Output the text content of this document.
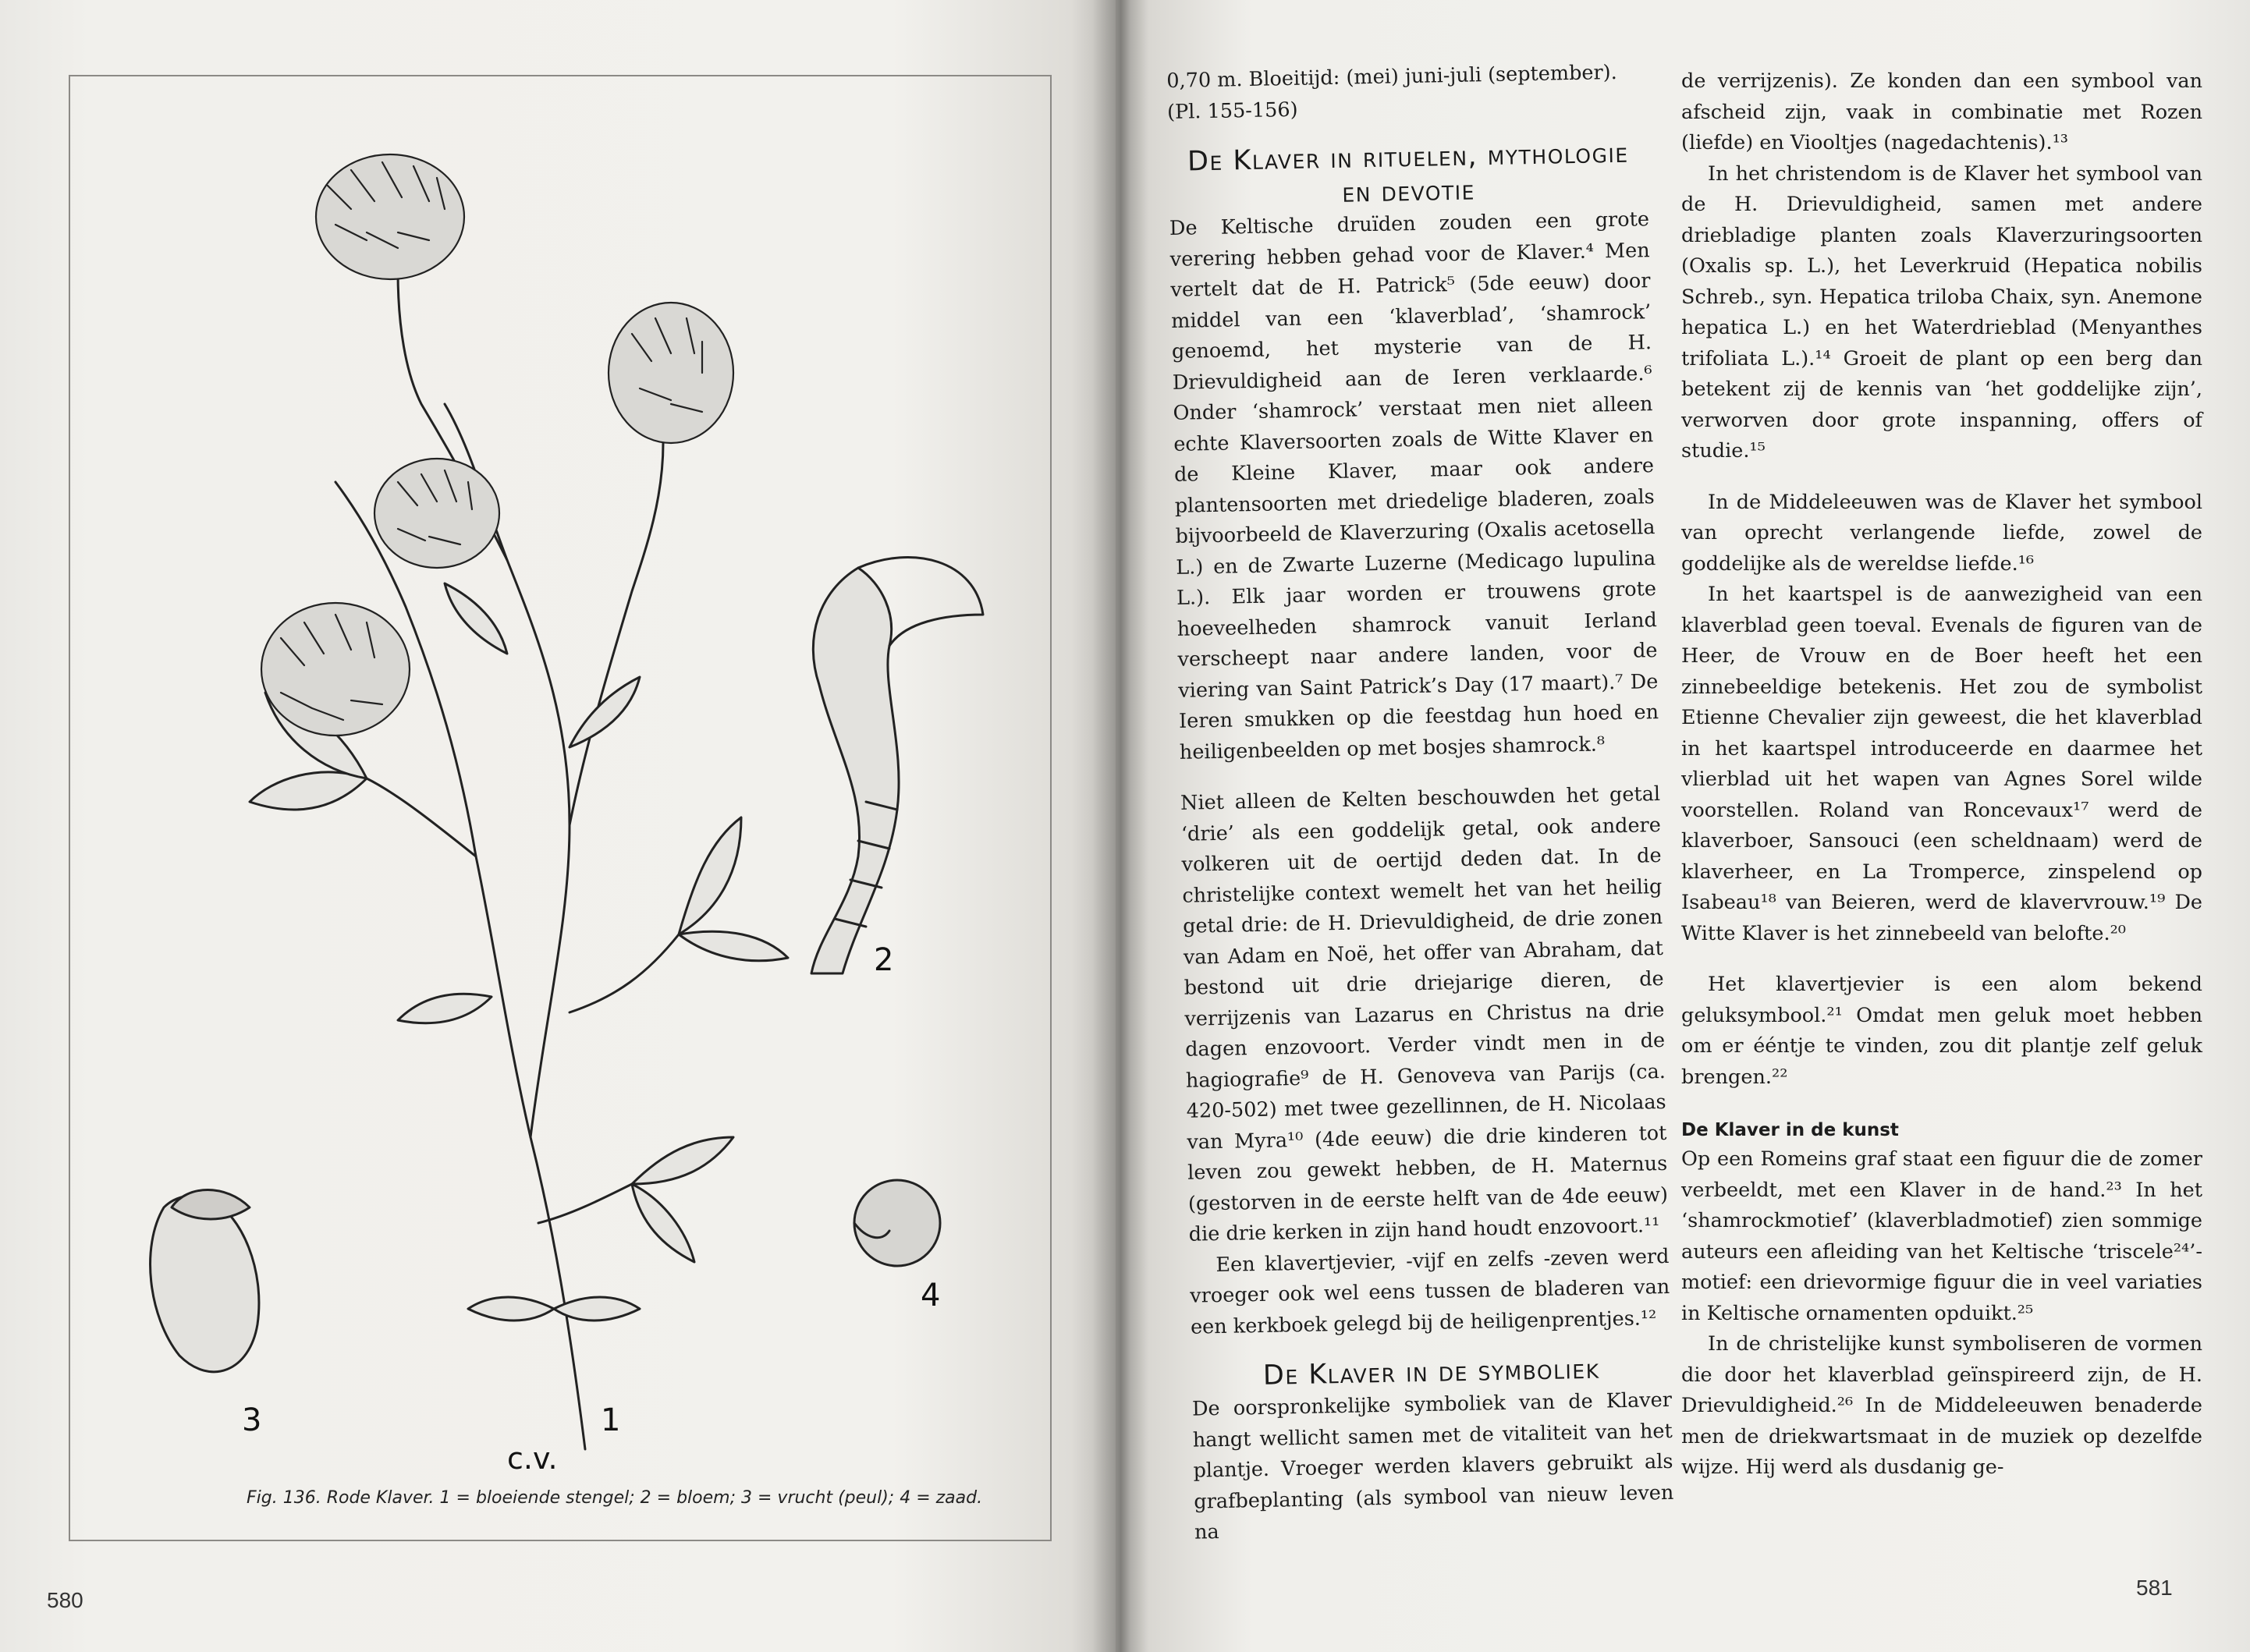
2
4
3	1
c.v.
Fig. 136. Rode Klaver. 1 = bloeiende stengel; 2 = bloem; 3 = vrucht (peul); 4 = zaad.
580

0,70 m. Bloeitijd: (mei) juni-juli (september). (Pl. 155-156)

De Klaver in rituelen, mythologie en devotie

De Keltische druïden zouden een grote verering hebben gehad voor de Klaver.⁴ Men vertelt dat de H. Patrick⁵ (5de eeuw) door middel van een ‘klaverblad’, ‘shamrock’ genoemd, het mysterie van de H. Drievuldigheid aan de Ieren verklaarde.⁶ Onder ‘shamrock’ verstaat men niet alleen echte Klaversoorten zoals de Witte Klaver en de Kleine Klaver, maar ook andere plantensoorten met driedelige bladeren, zoals bijvoorbeeld de Klaverzuring (Oxalis acetosella L.) en de Zwarte Luzerne (Medicago lupulina L.). Elk jaar worden er trouwens grote hoeveelheden shamrock vanuit Ierland verscheept naar andere landen, voor de viering van Saint Patrick’s Day (17 maart).⁷ De Ieren smukken op die feestdag hun hoed en heiligenbeelden op met bosjes shamrock.⁸

Niet alleen de Kelten beschouwden het getal ‘drie’ als een goddelijk getal, ook andere volkeren uit de oertijd deden dat. In de christelijke context wemelt het van het heilig getal drie: de H. Drievuldigheid, de drie zonen van Adam en Noë, het offer van Abraham, dat bestond uit drie driejarige dieren, de verrijzenis van Lazarus en Christus na drie dagen enzovoort. Verder vindt men in de hagiografie⁹ de H. Genoveva van Parijs (ca. 420-502) met twee gezellinnen, de H. Nicolaas van Myra¹⁰ (4de eeuw) die drie kinderen tot leven zou gewekt hebben, de H. Maternus (gestorven in de eerste helft van de 4de eeuw) die drie kerken in zijn hand houdt enzovoort.¹¹

Een klavertjevier, -vijf en zelfs -zeven werd vroeger ook wel eens tussen de bladeren van een kerkboek gelegd bij de heiligenprentjes.¹²

De Klaver in de symboliek

De oorspronkelijke symboliek van de Klaver hangt wellicht samen met de vitaliteit van het plantje. Vroeger werden klavers gebruikt als grafbeplanting (als symbool van nieuw leven na

de verrijzenis). Ze konden dan een symbool van afscheid zijn, vaak in combinatie met Rozen (liefde) en Viooltjes (nagedachtenis).¹³

In het christendom is de Klaver het symbool van de H. Drievuldigheid, samen met andere driebladige planten zoals Klaverzuringsoorten (Oxalis sp. L.), het Leverkruid (Hepatica nobilis Schreb., syn. Hepatica triloba Chaix, syn. Anemone hepatica L.) en het Waterdrieblad (Menyanthes trifoliata L.).¹⁴ Groeit de plant op een berg dan betekent zij de kennis van ‘het goddelijke zijn’, verworven door grote inspanning, offers of studie.¹⁵

In de Middeleeuwen was de Klaver het symbool van oprecht verlangende liefde, zowel de goddelijke als de wereldse liefde.¹⁶

In het kaartspel is de aanwezigheid van een klaverblad geen toeval. Evenals de figuren van de Heer, de Vrouw en de Boer heeft het een zinnebeeldige betekenis. Het zou de symbolist Etienne Chevalier zijn geweest, die het klaverblad in het kaartspel introduceerde en daarmee het vlierblad uit het wapen van Agnes Sorel wilde voorstellen. Roland van Roncevaux¹⁷ werd de klaverboer, Sansouci (een scheldnaam) werd de klaverheer, en La Tromperce, zinspelend op Isabeau¹⁸ van Beieren, werd de klavervrouw.¹⁹ De Witte Klaver is het zinnebeeld van belofte.²⁰

Het klavertjevier is een alom bekend geluksymbool.²¹ Omdat men geluk moet hebben om er ééntje te vinden, zou dit plantje zelf geluk brengen.²²

De Klaver in de kunst

Op een Romeins graf staat een figuur die de zomer verbeeldt, met een Klaver in de hand.²³ In het ‘shamrockmotief’ (klaverbladmotief) zien sommige auteurs een afleiding van het Keltische ‘triscele²⁴’-motief: een drievormige figuur die in veel variaties in Keltische ornamenten opduikt.²⁵

In de christelijke kunst symboliseren de vormen die door het klaverblad geïnspireerd zijn, de H. Drievuldigheid.²⁶ In de Middeleeuwen benaderde men de driekwartsmaat in de muziek op dezelfde wijze. Hij werd als dusdanig ge-

581
